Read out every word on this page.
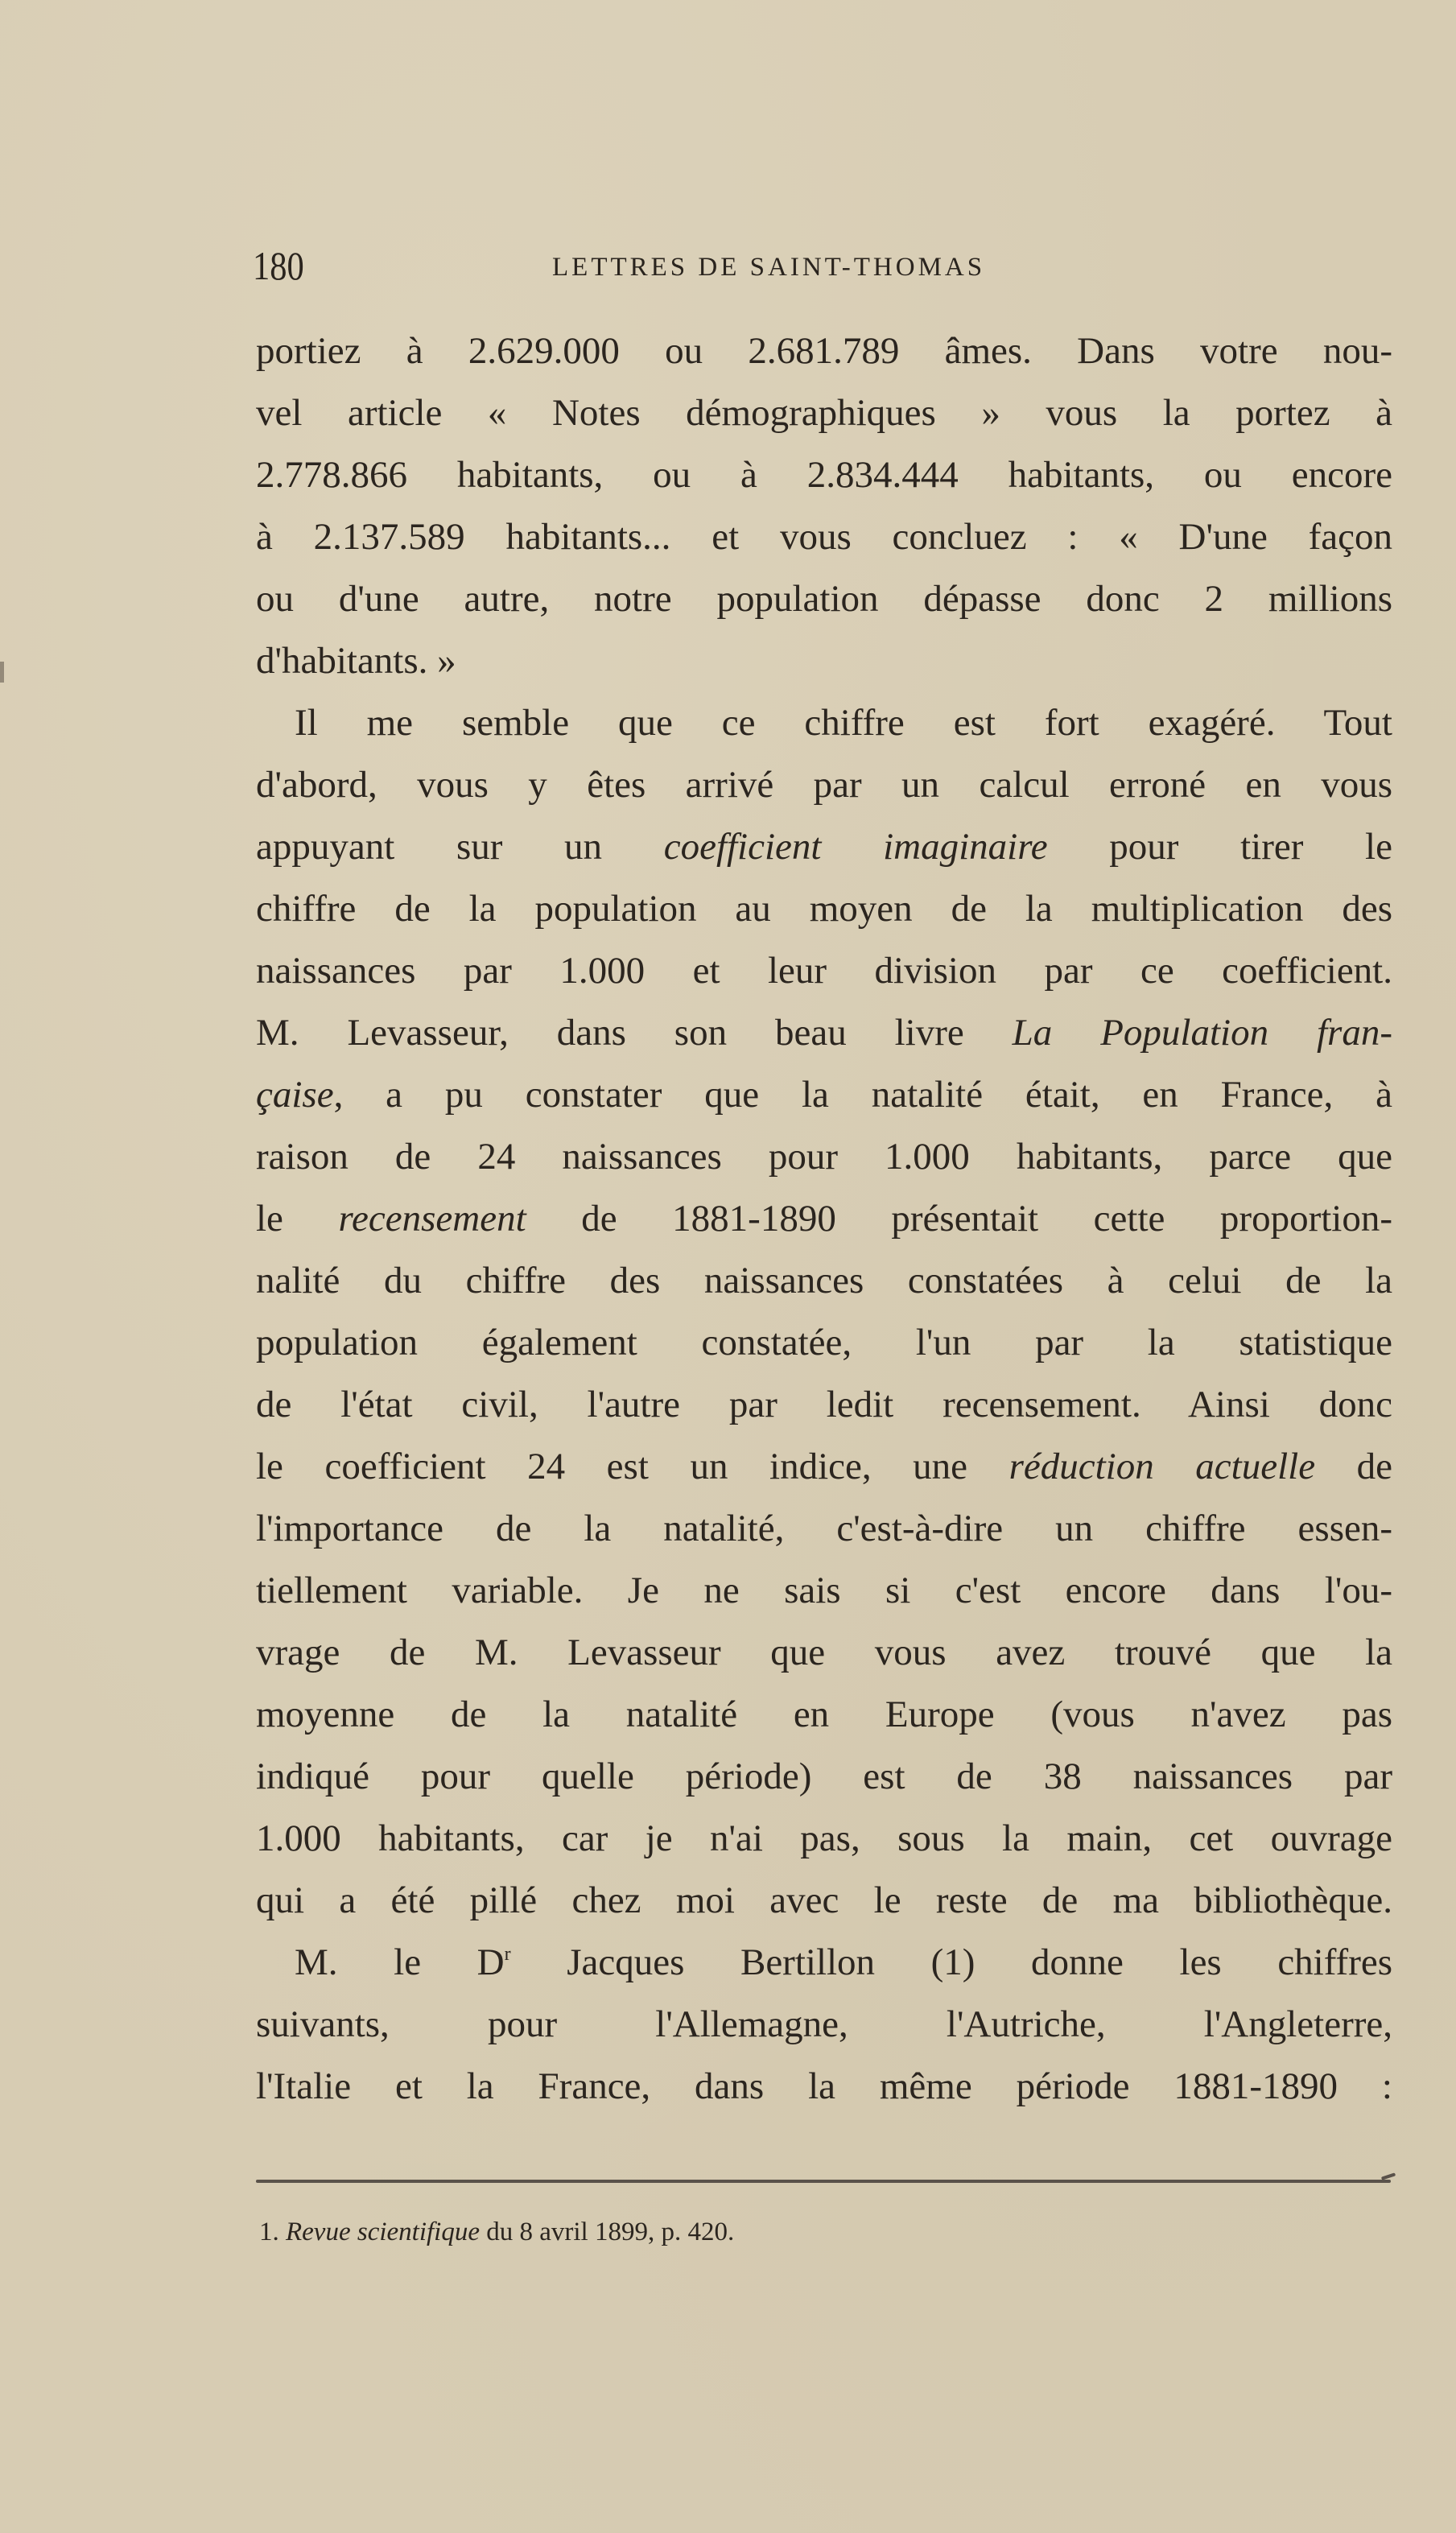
180	LETTRES DE SAINT-THOMAS
portiez à 2.629.000 ou 2.681.789 âmes. Dans votre nou-
vel article « Notes démographiques » vous la portez à
2.778.866 habitants, ou à 2.834.444 habitants, ou encore
à 2.137.589 habitants... et vous concluez : « D'une façon
ou d'une autre, notre population dépasse donc 2 millions
d'habitants. »
Il me semble que ce chiffre est fort exagéré. Tout
d'abord, vous y êtes arrivé par un calcul erroné en vous
appuyant sur un coefficient imaginaire pour tirer le
chiffre de la population au moyen de la multiplication des
naissances par 1.000 et leur division par ce coefficient.
M. Levasseur, dans son beau livre La Population fran-
çaise, a pu constater que la natalité était, en France, à
raison de 24 naissances pour 1.000 habitants, parce que
le recensement de 1881-1890 présentait cette proportion-
nalité du chiffre des naissances constatées à celui de la
population également constatée, l'un par la statistique
de l'état civil, l'autre par ledit recensement. Ainsi donc
le coefficient 24 est un indice, une réduction actuelle de
l'importance de la natalité, c'est-à-dire un chiffre essen-
tiellement variable. Je ne sais si c'est encore dans l'ou-
vrage de M. Levasseur que vous avez trouvé que la
moyenne de la natalité en Europe (vous n'avez pas
indiqué pour quelle période) est de 38 naissances par
1.000 habitants, car je n'ai pas, sous la main, cet ouvrage
qui a été pillé chez moi avec le reste de ma bibliothèque.
M. le $D^r$ Jacques Bertillon (1) donne les chiffres
suivants, pour l'Allemagne, l'Autriche, l'Angleterre,
l'Italie et la France, dans la même période 1881-1890 :
1. Revue scientifique du 8 avril 1899, p. 420.
